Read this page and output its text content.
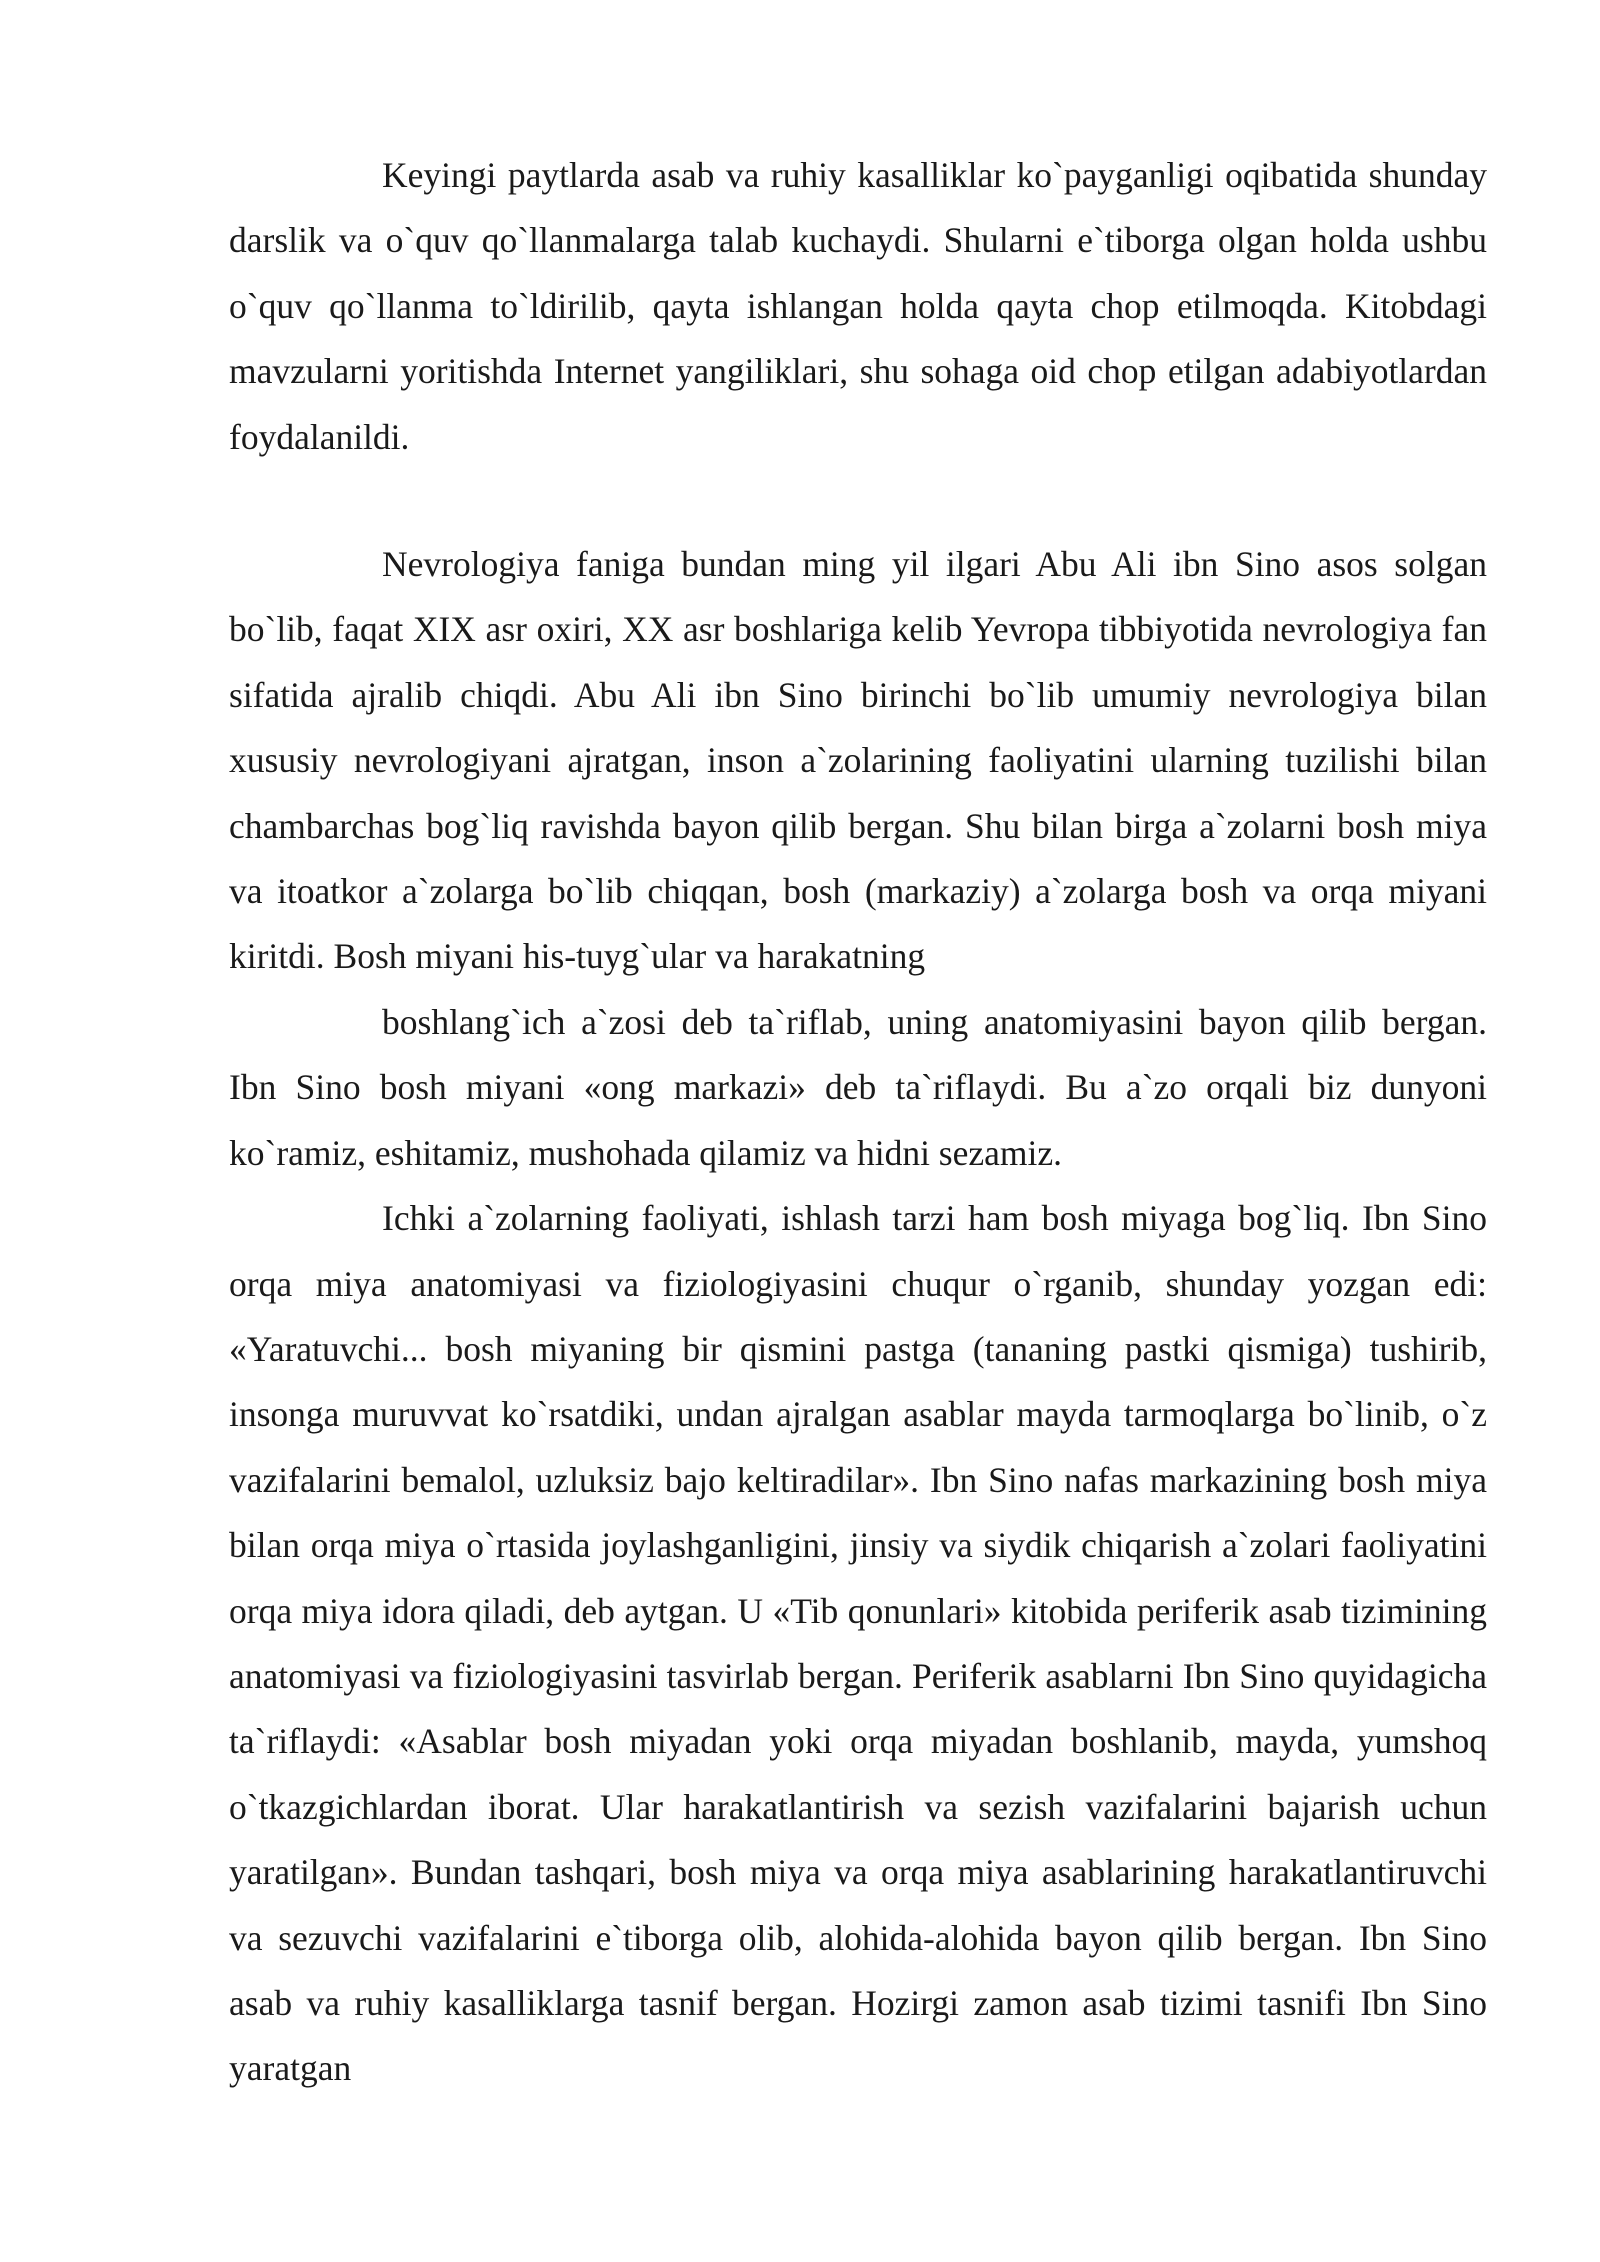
Keyingi paytlarda asab va ruhiy kasalliklar ko`payganligi oqibatida shunday darslik va o`quv qo`llanmalarga talab kuchaydi. Shularni e`tiborga olgan holda ushbu o`quv qo`llanma to`ldirilib, qayta ishlangan holda qayta chop etilmoqda. Kitobdagi mavzularni yoritishda Internet yangiliklari, shu sohaga oid chop etilgan adabiyotlardan foydalanildi.

Nevrologiya faniga bundan ming yil ilgari Abu Ali ibn Sino asos solgan bo`lib, faqat XIX asr oxiri, XX asr boshlariga kelib Yevropa tibbiyotida nevrologiya fan sifatida ajralib chiqdi. Abu Ali ibn Sino birinchi bo`lib umumiy nevrologiya bilan xususiy nevrologiyani ajratgan, inson a`zolarining faoliyatini ularning tuzilishi bilan chambarchas bog`liq ravishda bayon qilib bergan. Shu bilan birga a`zolarni bosh miya va itoatkor a`zolarga bo`lib chiqqan, bosh (markaziy) a`zolarga bosh va orqa miyani kiritdi. Bosh miyani his-tuyg`ular va harakatning

boshlang`ich a`zosi deb ta`riflab, uning anatomiyasini bayon qilib bergan. Ibn Sino bosh miyani «ong markazi» deb ta`riflaydi. Bu a`zo orqali biz dunyoni ko`ramiz, eshitamiz, mushohada qilamiz va hidni sezamiz.

Ichki a`zolarning faoliyati, ishlash tarzi ham bosh miyaga bog`liq. Ibn Sino orqa miya anatomiyasi va fiziologiyasini chuqur o`rganib, shunday yozgan edi: «Yaratuvchi... bosh miyaning bir qismini pastga (tananing pastki qismiga) tushirib, insonga muruvvat ko`rsatdiki, undan ajralgan asablar mayda tarmoqlarga bo`linib, o`z vazifalarini bemalol, uzluksiz bajo keltiradilar». Ibn Sino nafas markazining bosh miya bilan orqa miya o`rtasida joylashganligini, jinsiy va siydik chiqarish a`zolari faoliyatini orqa miya idora qiladi, deb aytgan. U «Tib qonunlari» kitobida periferik asab tizimining anatomiyasi va fiziologiyasini tasvirlab bergan. Periferik asablarni Ibn Sino quyidagicha ta`riflaydi: «Asablar bosh miyadan yoki orqa miyadan boshlanib, mayda, yumshoq o`tkazgichlardan iborat. Ular harakatlantirish va sezish vazifalarini bajarish uchun yaratilgan». Bundan tashqari, bosh miya va orqa miya asablarining harakatlantiruvchi va sezuvchi vazifalarini e`tiborga olib, alohida-alohida bayon qilib bergan. Ibn Sino asab va ruhiy kasalliklarga tasnif bergan. Hozirgi zamon asab tizimi tasnifi Ibn Sino yaratgan
